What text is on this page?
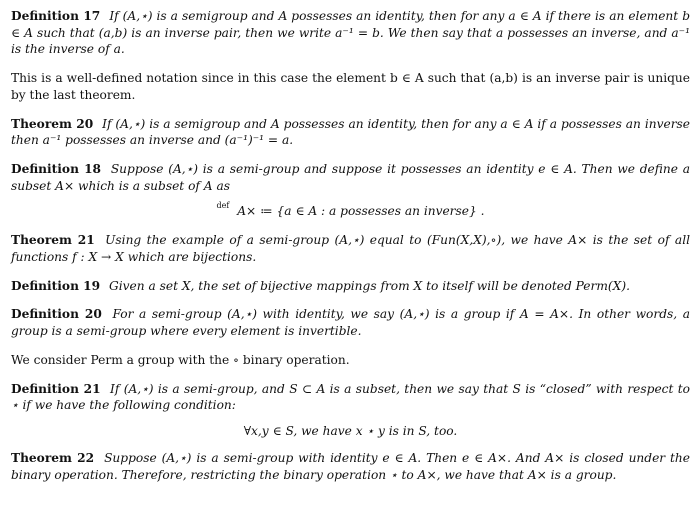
Definition 17 If (A,⋆) is a semigroup and A possesses an identity, then for any a ∈ A if there is an element b ∈ A such that (a,b) is an inverse pair, then we write a⁻¹ = b. We then say that a possesses an inverse, and a⁻¹ is the inverse of a.

This is a well-defined notation since in this case the element b ∈ A such that (a,b) is an inverse pair is unique by the last theorem.

Theorem 20 If (A,⋆) is a semigroup and A possesses an identity, then for any a ∈ A if a possesses an inverse then a⁻¹ possesses an inverse and (a⁻¹)⁻¹ = a.

Definition 18 Suppose (A,⋆) is a semi-group and suppose it possesses an identity e ∈ A. Then we define a subset A× which is a subset of A as

$^{def}$ A× ≔ {a ∈ A : a possesses an inverse} .

Theorem 21 Using the example of a semi-group (A,⋆) equal to (Fun(X,X),∘), we have A× is the set of all functions f : X → X which are bijections.

Definition 19 Given a set X, the set of bijective mappings from X to itself will be denoted Perm(X).

Definition 20 For a semi-group (A,⋆) with identity, we say (A,⋆) is a group if A = A×. In other words, a group is a semi-group where every element is invertible.

We consider Perm a group with the ∘ binary operation.

Definition 21 If (A,⋆) is a semi-group, and S ⊂ A is a subset, then we say that S is “closed” with respect to ⋆ if we have the following condition:

∀x,y ∈ S, we have x ⋆ y is in S, too.

Theorem 22 Suppose (A,⋆) is a semi-group with identity e ∈ A. Then e ∈ A×. And A× is closed under the binary operation. Therefore, restricting the binary operation ⋆ to A×, we have that A× is a group.
